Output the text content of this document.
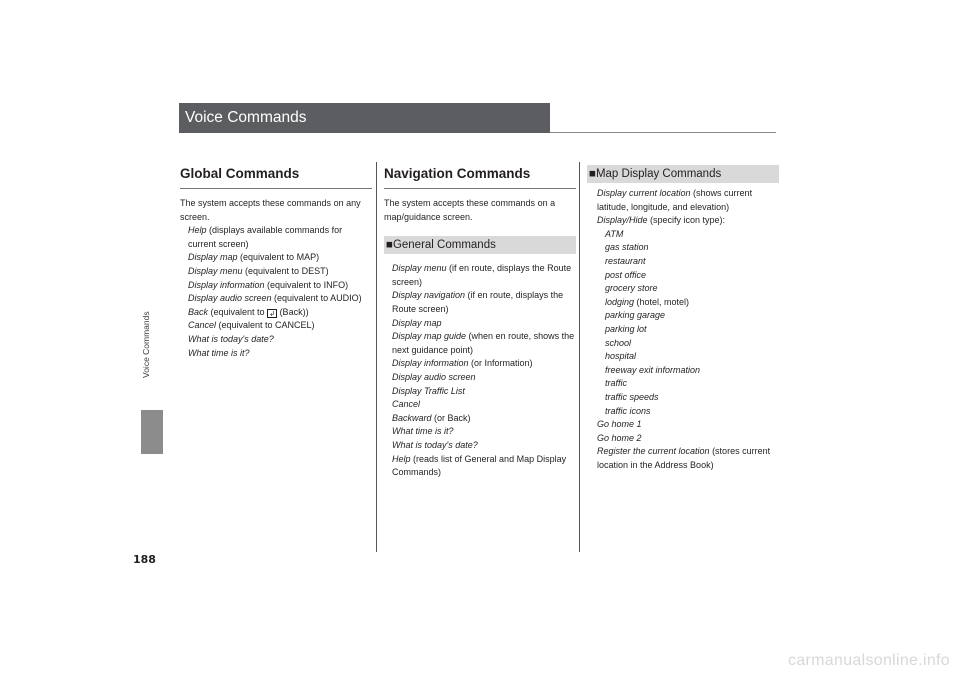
188
Voice Commands
Voice Commands
Global Commands

The system accepts these commands on any screen.

Help (displays available commands for current screen)
Display map (equivalent to MAP)
Display menu (equivalent to DEST)
Display information (equivalent to INFO)
Display audio screen (equivalent to AUDIO)
Back (equivalent to ↲ (Back))
Cancel (equivalent to CANCEL)
What is today's date?
What time is it?
Navigation Commands

The system accepts these commands on a map/guidance screen.

■General Commands
Display menu (if en route, displays the Route screen)
Display navigation (if en route, displays the Route screen)
Display map
Display map guide (when en route, shows the next guidance point)
Display information (or Information)
Display audio screen
Display Traffic List
Cancel
Backward (or Back)
What time is it?
What is today's date?
Help (reads list of General and Map Display Commands)
■Map Display Commands
Display current location (shows current latitude, longitude, and elevation)
Display/Hide (specify icon type):
ATM
gas station
restaurant
post office
grocery store
lodging (hotel, motel)
parking garage
parking lot
school
hospital
freeway exit information
traffic
traffic speeds
traffic icons
Go home 1
Go home 2
Register the current location (stores current location in the Address Book)
carmanualsonline.info
